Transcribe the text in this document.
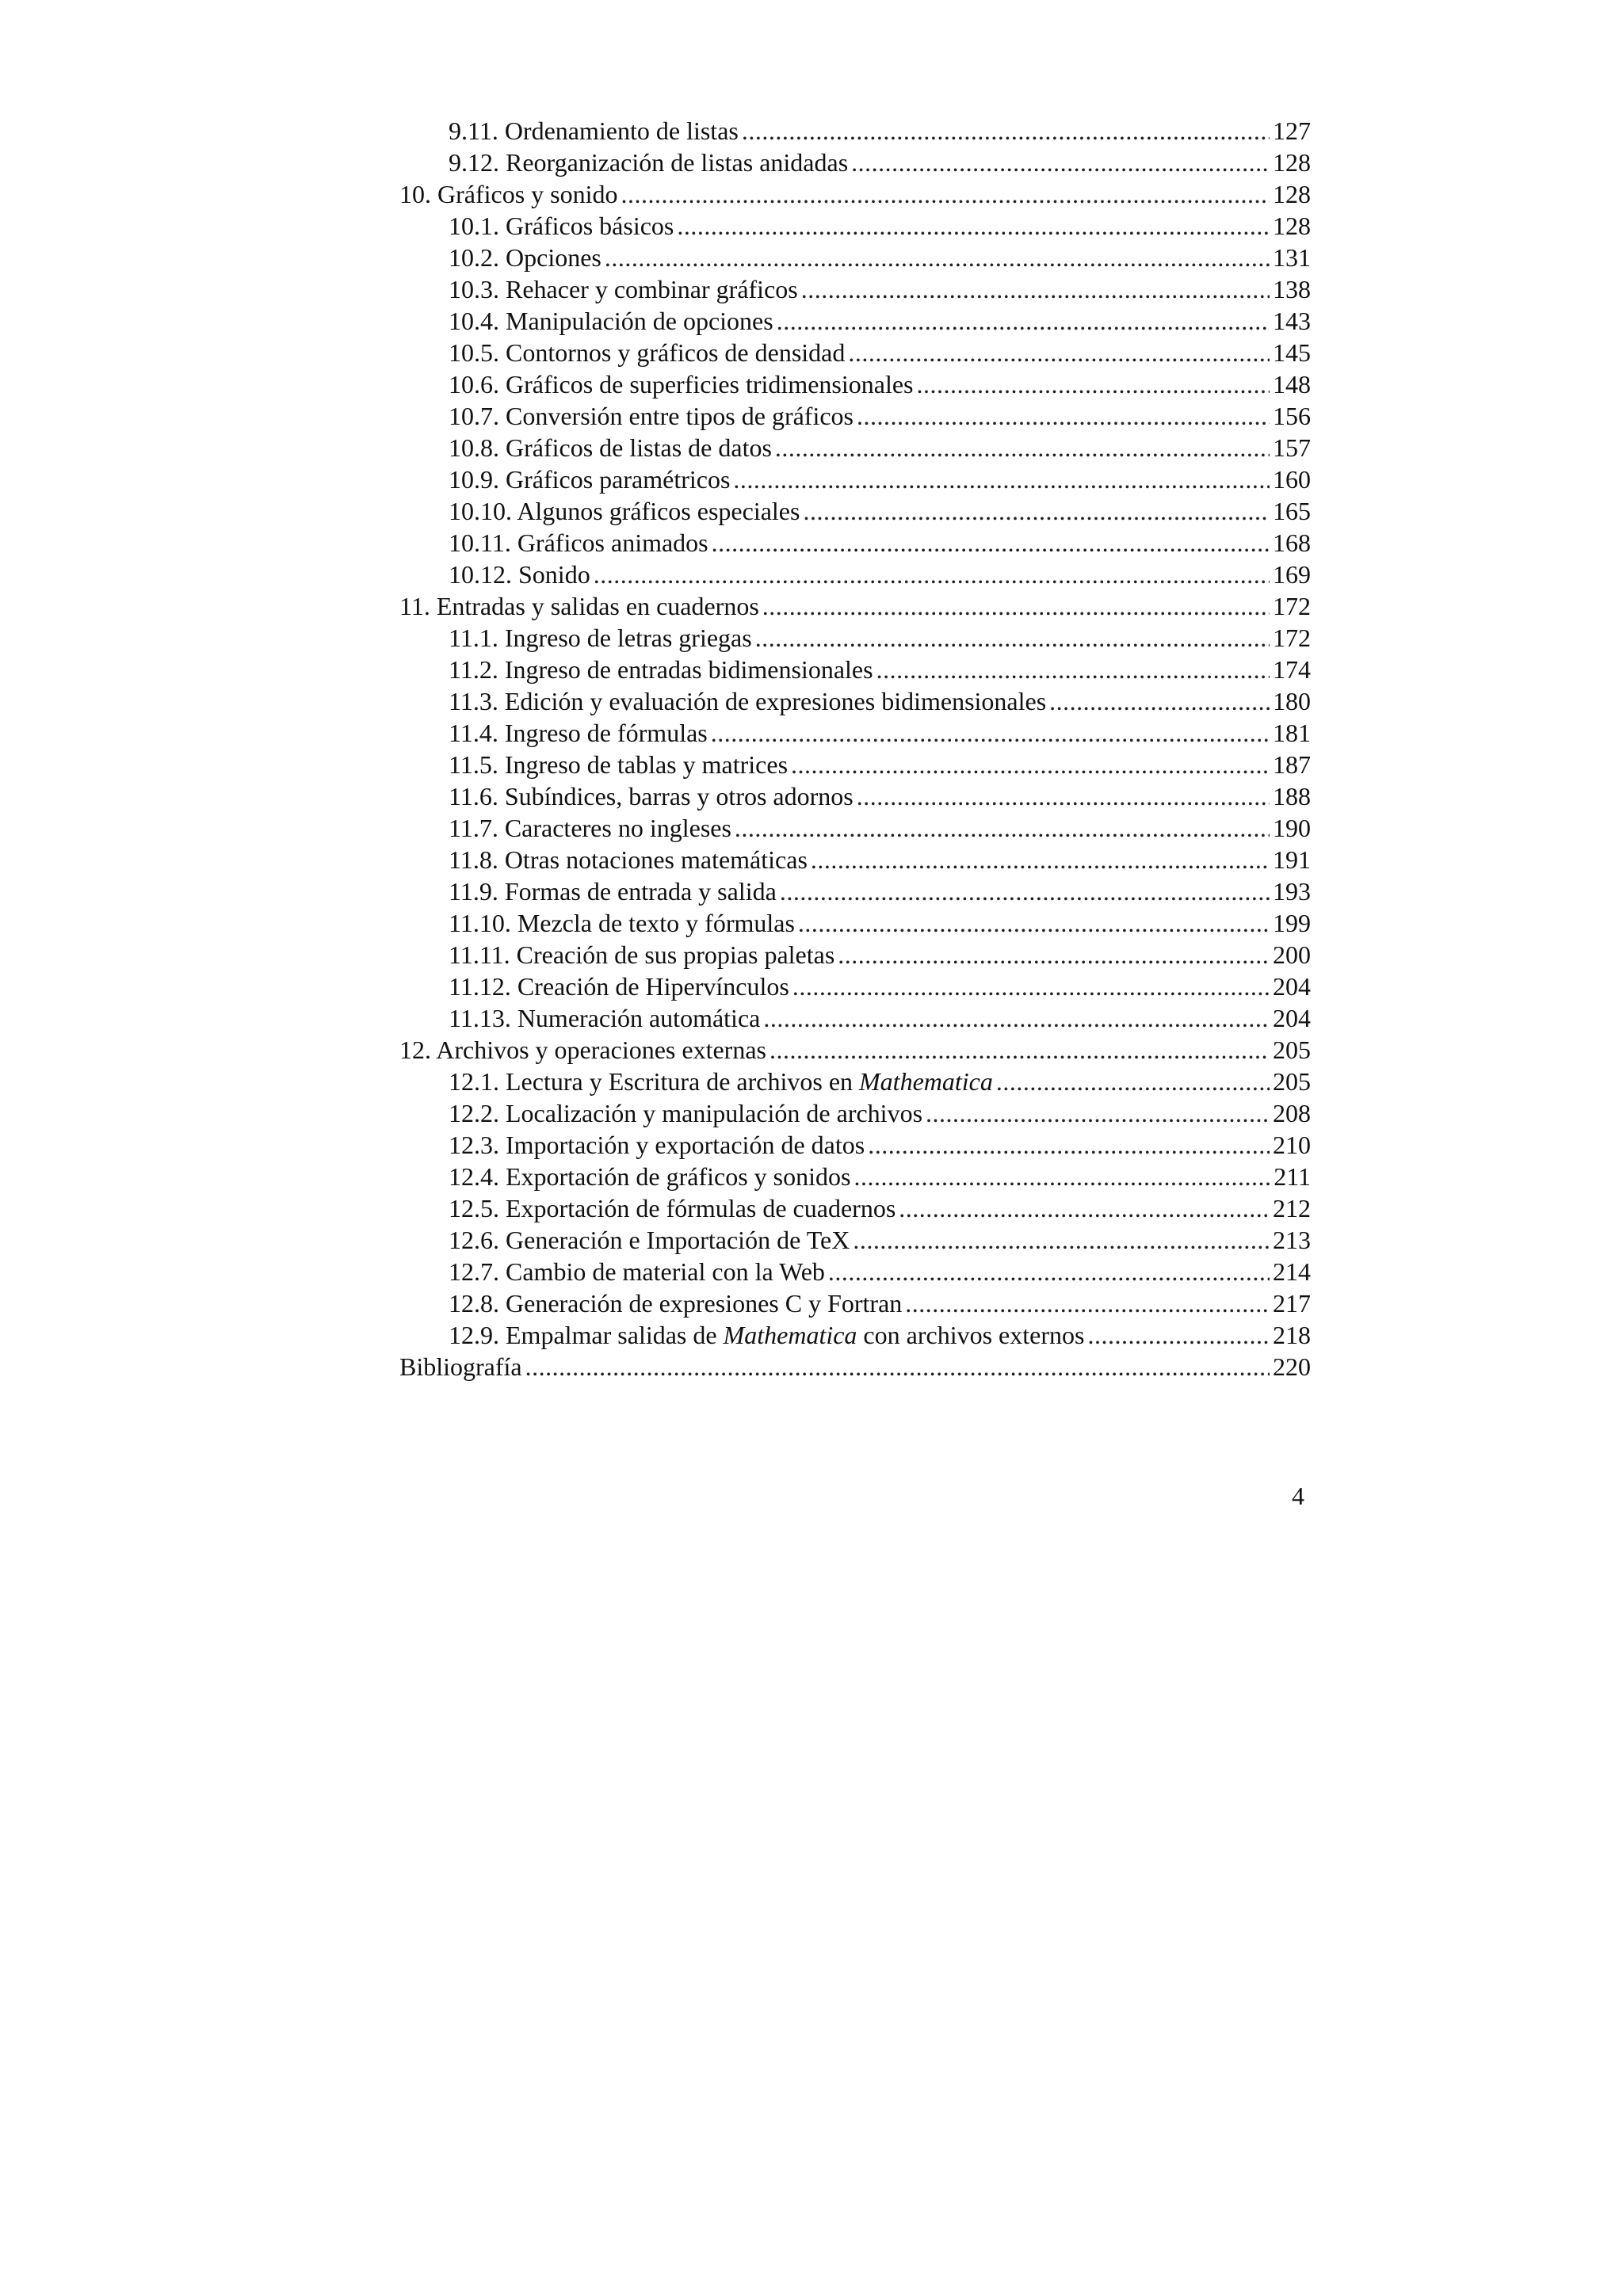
9.11. Ordenamiento de listas .....	127
9.12. Reorganización de listas anidadas .....	128
10. Gráficos y sonido .....	128
10.1. Gráficos básicos .....	128
10.2. Opciones .....	131
10.3. Rehacer y combinar gráficos .....	138
10.4. Manipulación de opciones .....	143
10.5. Contornos y gráficos de densidad .....	145
10.6. Gráficos de superficies tridimensionales .....	148
10.7. Conversión entre tipos de gráficos .....	156
10.8. Gráficos de listas de datos .....	157
10.9. Gráficos paramétricos .....	160
10.10. Algunos gráficos especiales .....	165
10.11. Gráficos animados .....	168
10.12. Sonido .....	169
11. Entradas y salidas en cuadernos .....	172
11.1. Ingreso de letras griegas .....	172
11.2. Ingreso de entradas bidimensionales .....	174
11.3. Edición y evaluación de expresiones bidimensionales .....	180
11.4. Ingreso de fórmulas .....	181
11.5. Ingreso de tablas y matrices .....	187
11.6. Subíndices, barras y otros adornos .....	188
11.7. Caracteres no ingleses .....	190
11.8. Otras notaciones matemáticas .....	191
11.9. Formas de entrada y salida .....	193
11.10. Mezcla de texto y fórmulas .....	199
11.11. Creación de sus propias paletas .....	200
11.12. Creación de Hipervínculos .....	204
11.13. Numeración automática .....	204
12. Archivos y operaciones externas .....	205
12.1. Lectura y Escritura de archivos en Mathematica .....	205
12.2. Localización y manipulación de archivos .....	208
12.3. Importación y exportación de datos .....	210
12.4. Exportación de gráficos y sonidos .....	211
12.5. Exportación de fórmulas de cuadernos .....	212
12.6. Generación e Importación de TeX .....	213
12.7. Cambio de material con la Web .....	214
12.8. Generación de expresiones C y Fortran .....	217
12.9. Empalmar salidas de Mathematica con archivos externos .....	218
Bibliografía .....	220
4
